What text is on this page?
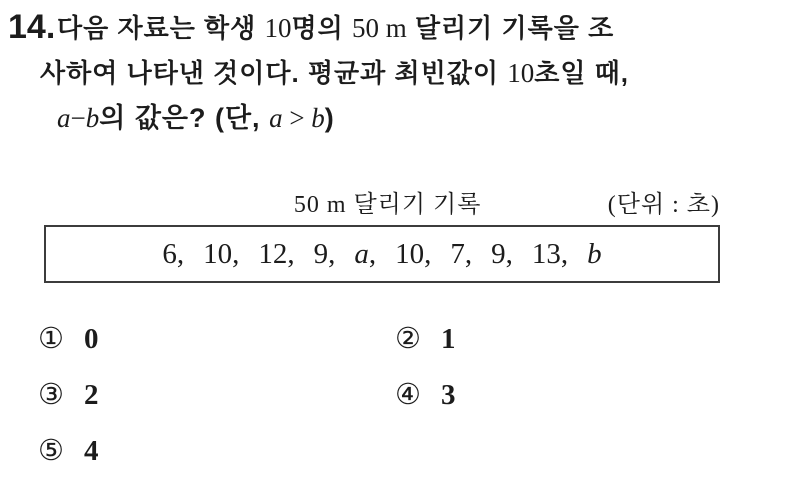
14. 다음 자료는 학생 10명의 50 m 달리기 기록을 조
사하여 나타낸 것이다. 평균과 최빈값이 10초일 때,
a−b의 값은? (단, a > b)
50 m 달리기 기록	(단위 : 초)
6 , 10 , 12 , 9 , a , 10 , 7 , 9 , 13 , b
① 0	② 1
③ 2	④ 3
⑤ 4
